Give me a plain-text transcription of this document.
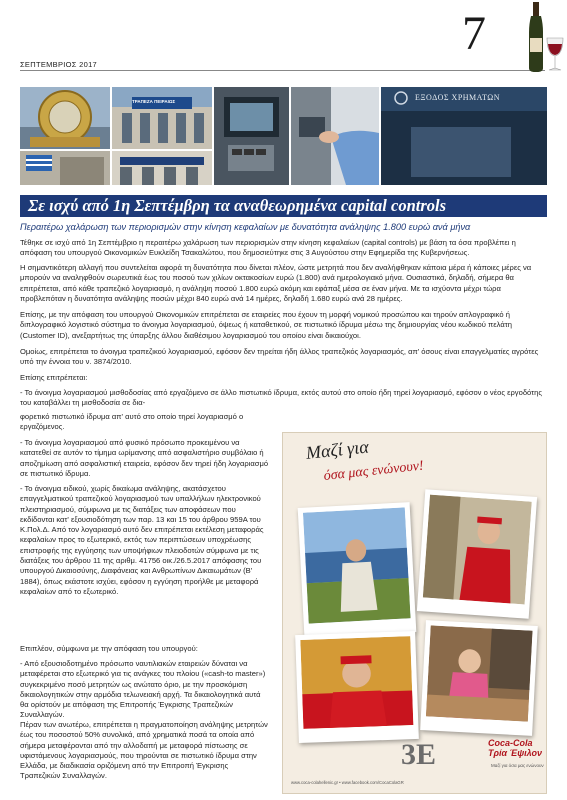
ΣΕΠΤΕΜΒΡΙΟΣ 2017
7
ΤΡΑΠΕΖΑ ΠΕΙΡΑΙΩΣ	ΕΞΟΔΟΣ ΧΡΗΜΑΤΩΝ
Σε ισχύ από 1η Σεπτέμβρη τα αναθεωρημένα capital controls
Περαιτέρω χαλάρωση των περιορισμών στην κίνηση κεφαλαίων με δυνατότητα ανάληψης 1.800 ευρώ ανά μήνα

Τέθηκε σε ισχύ από 1η Σεπτέμβριο η περαιτέρω χαλάρωση των περιορισμών στην κίνηση κεφαλαίων (capital controls) με βάση τα όσα προβλέπει η απόφαση του υπουργού Οικονομικών Ευκλείδη Τσακαλώτου, που δημοσιεύτηκε στις 3 Αυγούστου στην Εφημερίδα της Κυβερνήσεως.

Η σημαντικότερη αλλαγή που συντελείται αφορά τη δυνατότητα που δίνεται πλέον, ώστε μετρητά που δεν αναλήφθηκαν κάποια μέρα ή κάποιες μέρες να μπορούν να αναληφθούν σωρευτικά έως του ποσού των χιλίων οκτακοσίων ευρώ (1.800) ανά ημερολογιακό μήνα. Ουσιαστικά, δηλαδή, σήμερα θα επιτρέπεται, από κάθε τραπεζικό λογαριασμό, η ανάληψη ποσού 1.800 ευρώ ακόμη και εφάπαξ μέσα σε έναν μήνα. Με τα ισχύοντα μέχρι τώρα προβλεπόταν η δυνατότητα ανάληψης ποσών μέχρι 840 ευρώ ανά 14 ημέρες, δηλαδή 1.680 ευρώ ανά 28 ημέρες.

Επίσης, με την απόφαση του υπουργού Οικονομικών επιτρέπεται σε εταιρείες που έχουν τη μορφή νομικού προσώπου και τηρούν απλογραφικό ή διπλογραφικό λογιστικό σύστημα το άνοιγμα λογαριασμού, όψεως ή καταθετικού, σε πιστωτικό ίδρυμα μέσω της δημιουργίας νέου κωδικού πελάτη (Customer ID), ανεξαρτήτως της ύπαρξης άλλου διαθέσιμου λογαριασμού του οποίου είναι δικαιούχοι.

Ομοίως, επιτρέπεται το άνοιγμα τραπεζικού λογαριασμού, εφόσον δεν τηρείται ήδη άλλος τραπεζικός λογαριασμός, απ' όσους είναι επαγγελματίες αγρότες υπό την έννοια του ν. 3874/2010.

Επίσης επιτρέπεται:

- Το άνοιγμα λογαριασμού μισθοδοσίας από εργαζόμενο σε άλλο πιστωτικό ίδρυμα, εκτός αυτού στο οποίο ήδη τηρεί λογαριασμό, εφόσον ο νέος εργοδότης του καταβάλλει τη μισθοδοσία σε δια-

φορετικό πιστωτικό ίδρυμα απ' αυτό στο οποίο τηρεί λογαριασμό ο εργαζόμενος.

- Το άνοιγμα λογαριασμού από φυσικό πρόσωπο προκειμένου να κατατεθεί σε αυτόν το τίμημα ωρίμανσης από ασφαλιστήριο συμβόλαιο ή αποζημίωση από ασφαλιστική εταιρεία, εφόσον δεν τηρεί ήδη λογαριασμό σε πιστωτικό ίδρυμα.

- Το άνοιγμα ειδικού, χωρίς δικαίωμα ανάληψης, ακατάσχετου επαγγελματικού τραπεζικού λογαριασμού των υπαλλήλων ηλεκτρονικού πλειστηριασμού, σύμφωνα με τις διατάξεις των αποφάσεων που εκδίδονται κατ' εξουσιοδότηση των παρ. 13 και 15 του άρθρου 959Α του Κ.Πολ.Δ. Από τον λογαριασμό αυτό δεν επιτρέπεται εκτέλεση μεταφοράς κεφαλαίων προς το εξωτερικό, εκτός των περιπτώσεων υποχρέωσης επιστροφής της εγγύησης των υποψήφιων πλειοδοτών σύμφωνα με τις διατάξεις του άρθρου 11 της αριθμ. 41756 οικ./26.5.2017 απόφασης του υπουργού Δικαιοσύνης, Διαφάνειας και Ανθρωπίνων Δικαιωμάτων (Β' 1884), όπως εκάστοτε ισχύει, εφόσον η εγγύηση προήλθε με μεταφορά κεφαλαίων από το εξωτερικό.

Επιπλέον, σύμφωνα με την απόφαση του υπουργού:

- Από εξουσιοδοτημένο πρόσωπο ναυτιλιακών εταιρειών δύναται να μεταφέρεται στο εξωτερικό για τις ανάγκες του πλοίου («cash-to master») συγκεκριμένο ποσό μετρητών ως ανώτατο όριο, με την προσκόμιση δικαιολογητικών στην αρμόδια τελωνειακή αρχή. Τα δικαιολογητικά αυτά θα ορίστούν με απόφαση της Επιτροπής Έγκρισης Τραπεζικών Συναλλαγών.

Πέραν των ανωτέρω, επιτρέπεται η πραγματοποίηση ανάληψης μετρητών έως του ποσοστού 50% συνολικά, από χρηματικά ποσά τα οποία από σήμερα μεταφέρονται από την αλλοδαπή με μεταφορά πίστωσης σε υφιστάμενους λογαριασμούς, που τηρούνται σε πιστωτικό ίδρυμα στην Ελλάδα, με διαδικασία οριζόμενη από την Επιτροπή Έγκρισης Τραπεζικών Συναλλαγών.

Μαζί για
όσα μας ενώνουν!
3E	Coca-Cola Τρία Έψιλον
Μαζί για όσα μας ενώνουν
www.coca-colahellenic.gr • www.facebook.com/CocaColaGR
